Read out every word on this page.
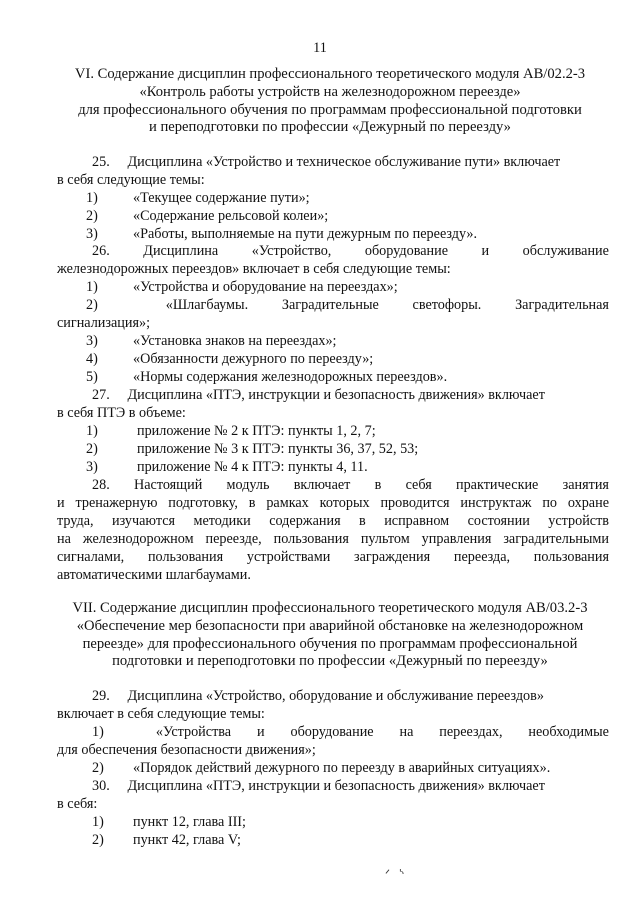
11
VI. Содержание дисциплин профессионального теоретического модуля АВ/02.2-3
«Контроль работы устройств на железнодорожном переезде»
для профессионального обучения по программам профессиональной подготовки
и переподготовки по профессии «Дежурный по переезду»
25.     Дисциплина «Устройство и техническое обслуживание пути» включает
в себя следующие темы:
1) «Текущее содержание пути»;
2) «Содержание рельсовой колеи»;
3) «Работы, выполняемые на пути дежурным по переезду».
26. Дисциплина «Устройство, оборудование и обслуживание
железнодорожных переездов» включает в себя следующие темы:
1) «Устройства и оборудование на переездах»;
2)	«Шлагбаумы. Заградительные светофоры. Заградительная
сигнализация»;
3) «Установка знаков на переездах»;
4) «Обязанности дежурного по переезду»;
5) «Нормы содержания железнодорожных переездов».
27.     Дисциплина «ПТЭ, инструкции и безопасность движения» включает
в себя ПТЭ в объеме:
1)	приложение № 2 к ПТЭ: пункты 1, 2, 7;
2)	приложение № 3 к ПТЭ: пункты 36, 37, 52, 53;
3)	приложение № 4 к ПТЭ: пункты 4, 11.
28. Настоящий модуль включает в себя практические занятия
и тренажерную подготовку, в рамках которых проводится инструктаж по охране
труда, изучаются методики содержания в исправном состоянии устройств
на железнодорожном переезде, пользования пультом управления заградительными
сигналами, пользования устройствами заграждения переезда, пользования
автоматическими шлагбаумами.
VII. Содержание дисциплин профессионального теоретического модуля АВ/03.2-3
«Обеспечение мер безопасности при аварийной обстановке на железнодорожном
переезде» для профессионального обучения по программам профессиональной
подготовки и переподготовки по профессии «Дежурный по переезду»
29.     Дисциплина «Устройство, оборудование и обслуживание переездов»
включает в себя следующие темы:
1)	«Устройства и оборудование на переездах, необходимые
для обеспечения безопасности движения»;
2) «Порядок действий дежурного по переезду в аварийных ситуациях».
30.     Дисциплина «ПТЭ, инструкции и безопасность движения» включает
в себя:
1) пункт 12, глава III;
2) пункт 42, глава V;
ᐟ ᔅ
